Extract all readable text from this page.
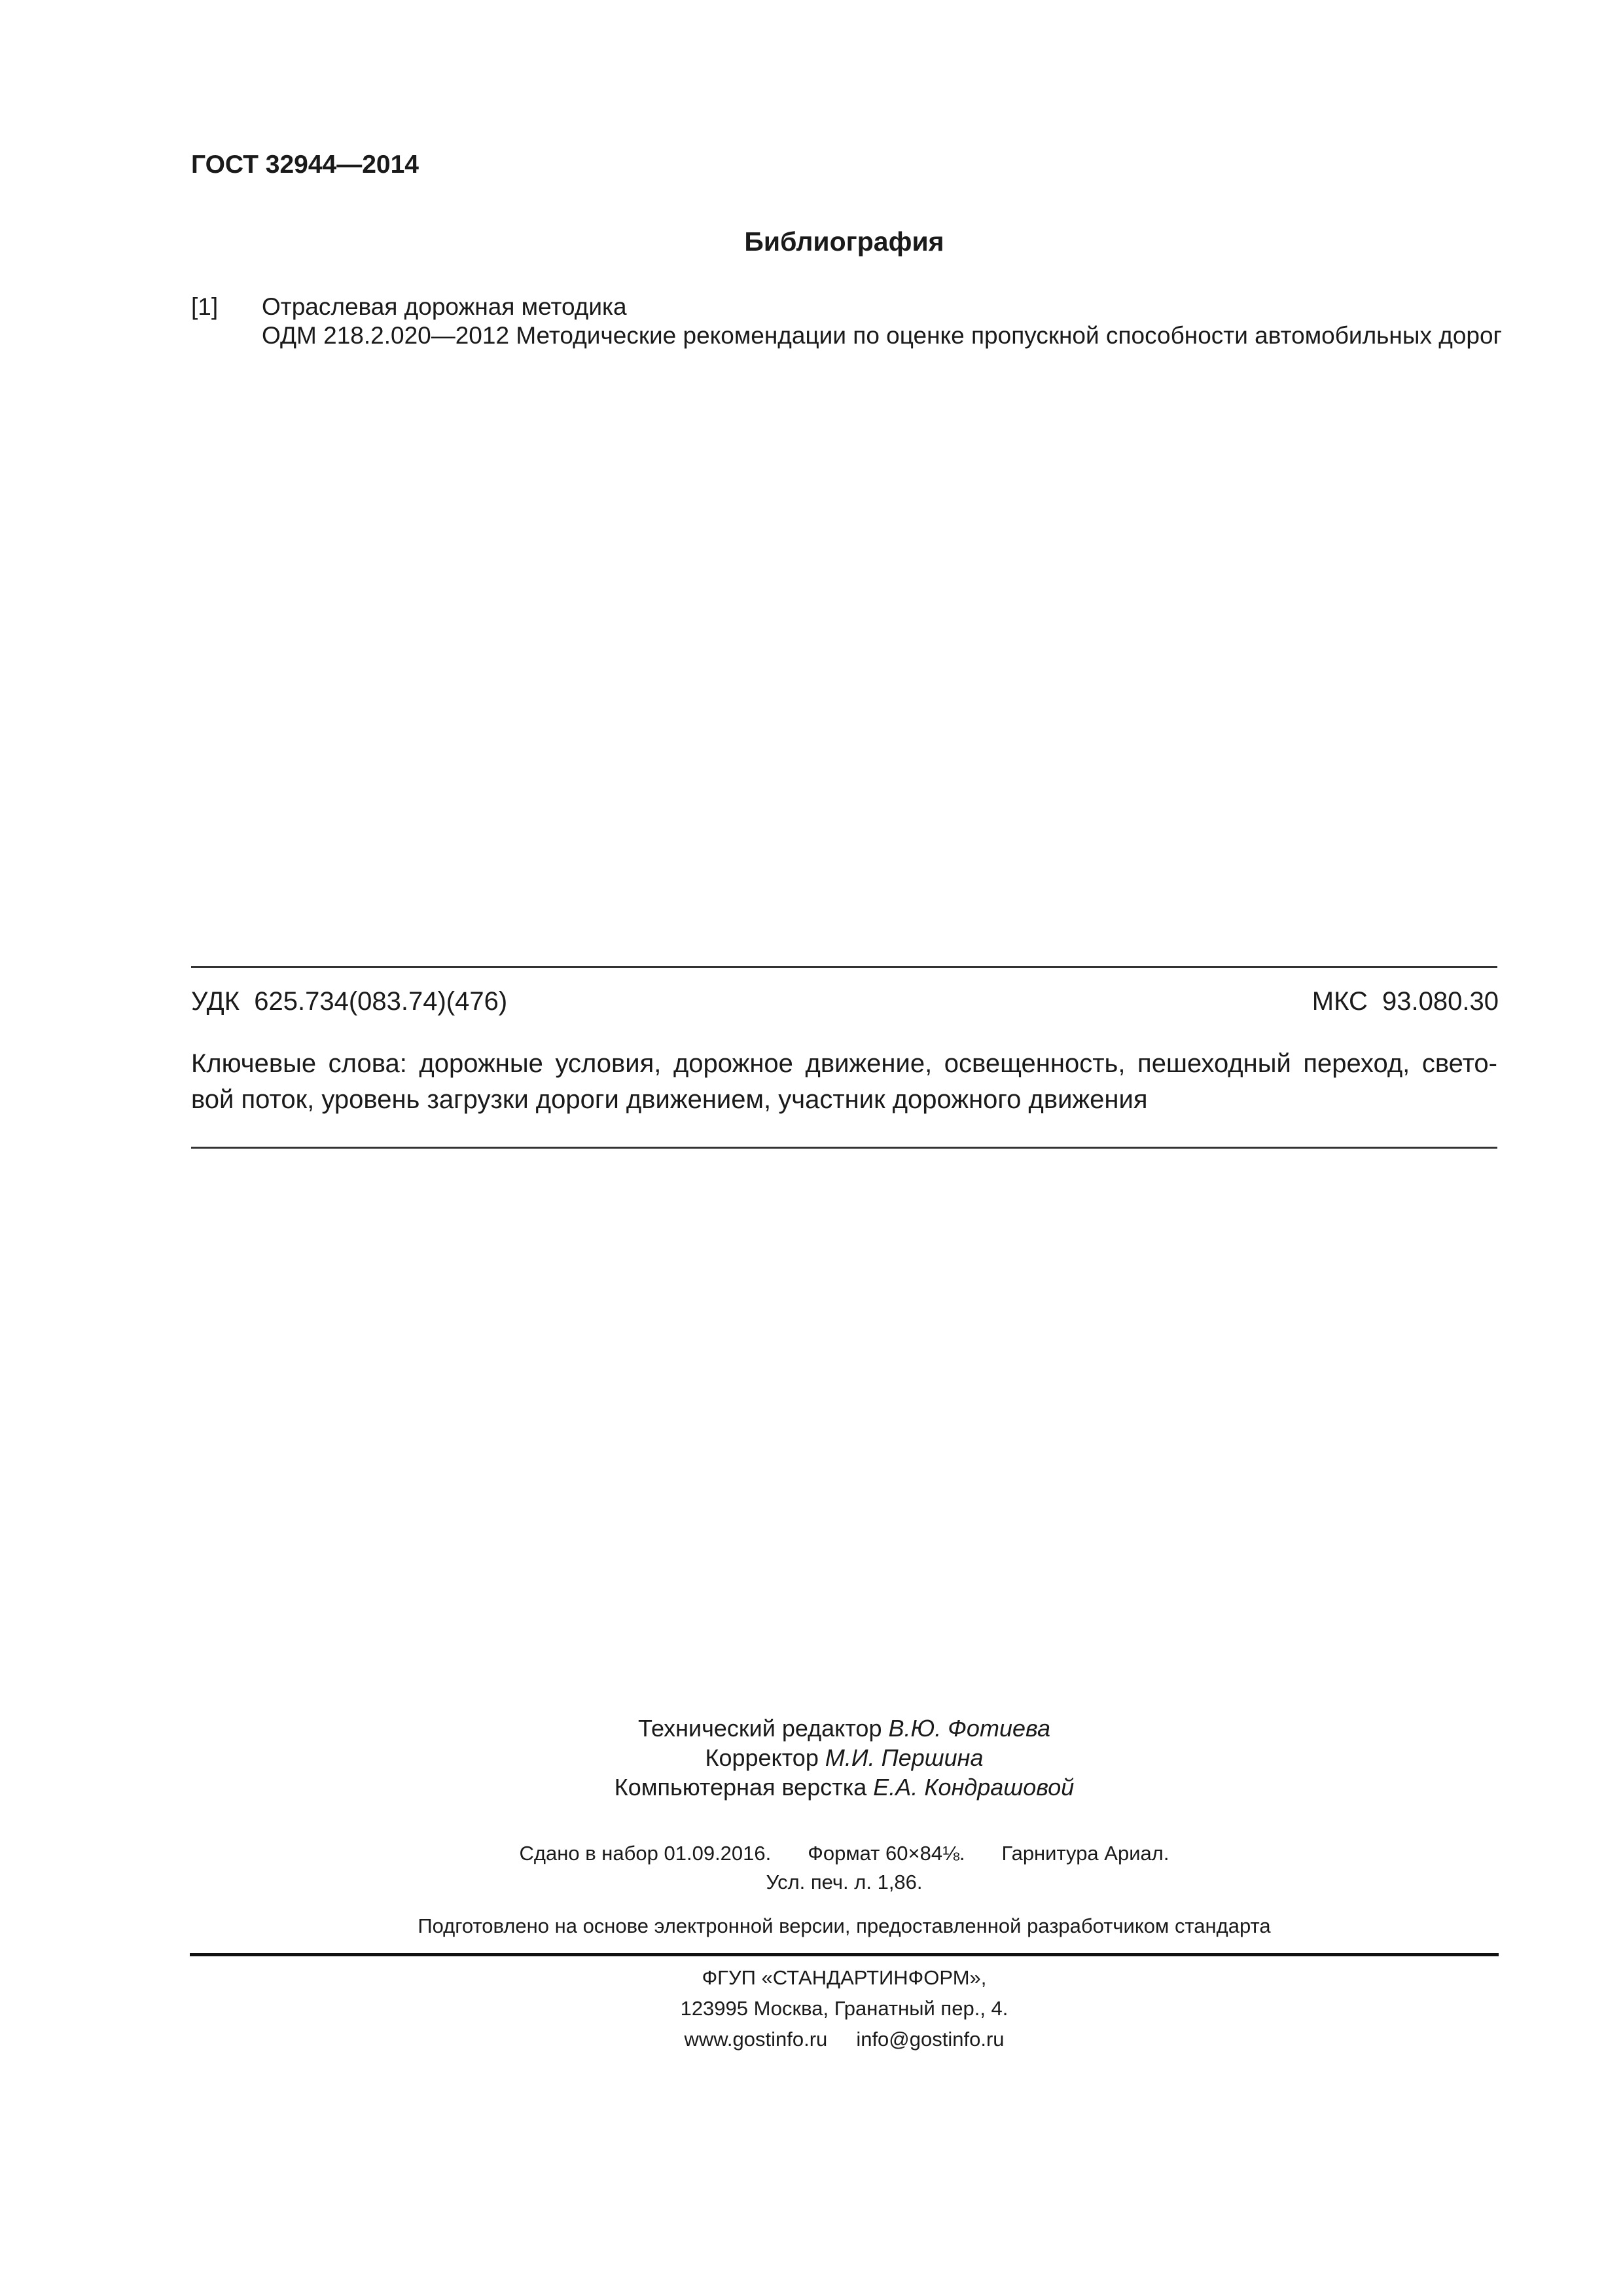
ГОСТ 32944—2014
Библиография
[1] Отраслевая дорожная методика
ОДМ 218.2.020—2012 Методические рекомендации по оценке пропускной способности автомобильных дорог
УДК  625.734(083.74)(476)	МКС  93.080.30
Ключевые слова: дорожные условия, дорожное движение, освещенность, пешеходный переход, свето-
вой поток, уровень загрузки дороги движением, участник дорожного движения
Технический редактор В.Ю. Фотиева
Корректор М.И. Першина
Компьютерная верстка Е.А. Кондрашовой
Сдано в набор 01.09.2016. Формат 60×84⅛. Гарнитура Ариал.
Усл. печ. л. 1,86.
Подготовлено на основе электронной версии, предоставленной разработчиком стандарта
ФГУП «СТАНДАРТИНФОРМ»,
123995 Москва, Гранатный пер., 4.
www.gostinfo.ru info@gostinfo.ru
